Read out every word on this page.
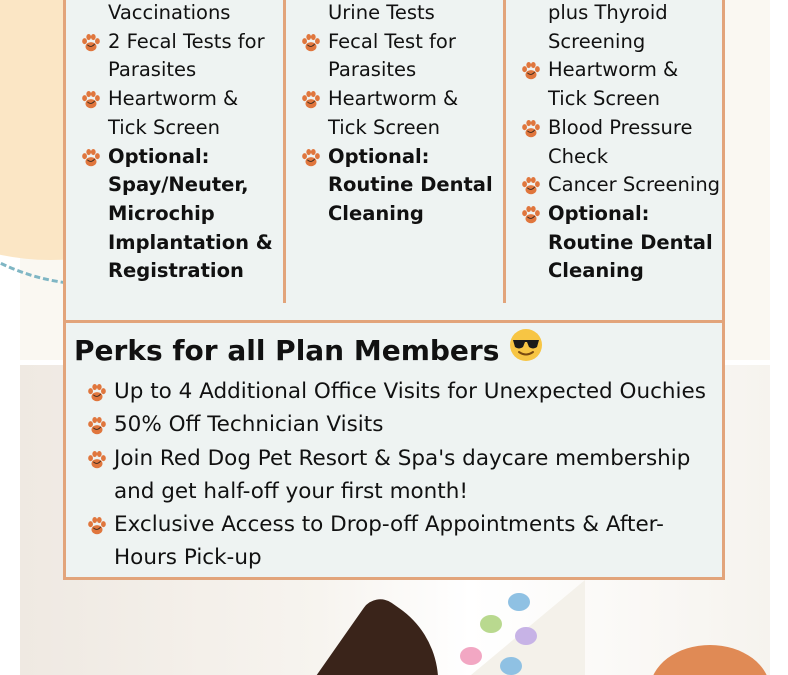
Vaccinations
2 Fecal Tests for
Parasites
Heartworm &
Tick Screen
Optional:
Spay/Neuter,
Microchip
Implantation &
Registration
Urine Tests
Fecal Test for
Parasites
Heartworm &
Tick Screen
Optional:
Routine Dental
Cleaning
plus Thyroid
Screening
Heartworm &
Tick Screen
Blood Pressure
Check
Cancer Screening
Optional:
Routine Dental
Cleaning
Perks for all Plan Members
Up to 4 Additional Office Visits for Unexpected Ouchies
50% Off Technician Visits
Join Red Dog Pet Resort & Spa's daycare membership
and get half-off your first month!
Exclusive Access to Drop-off Appointments & After-
Hours Pick-up
